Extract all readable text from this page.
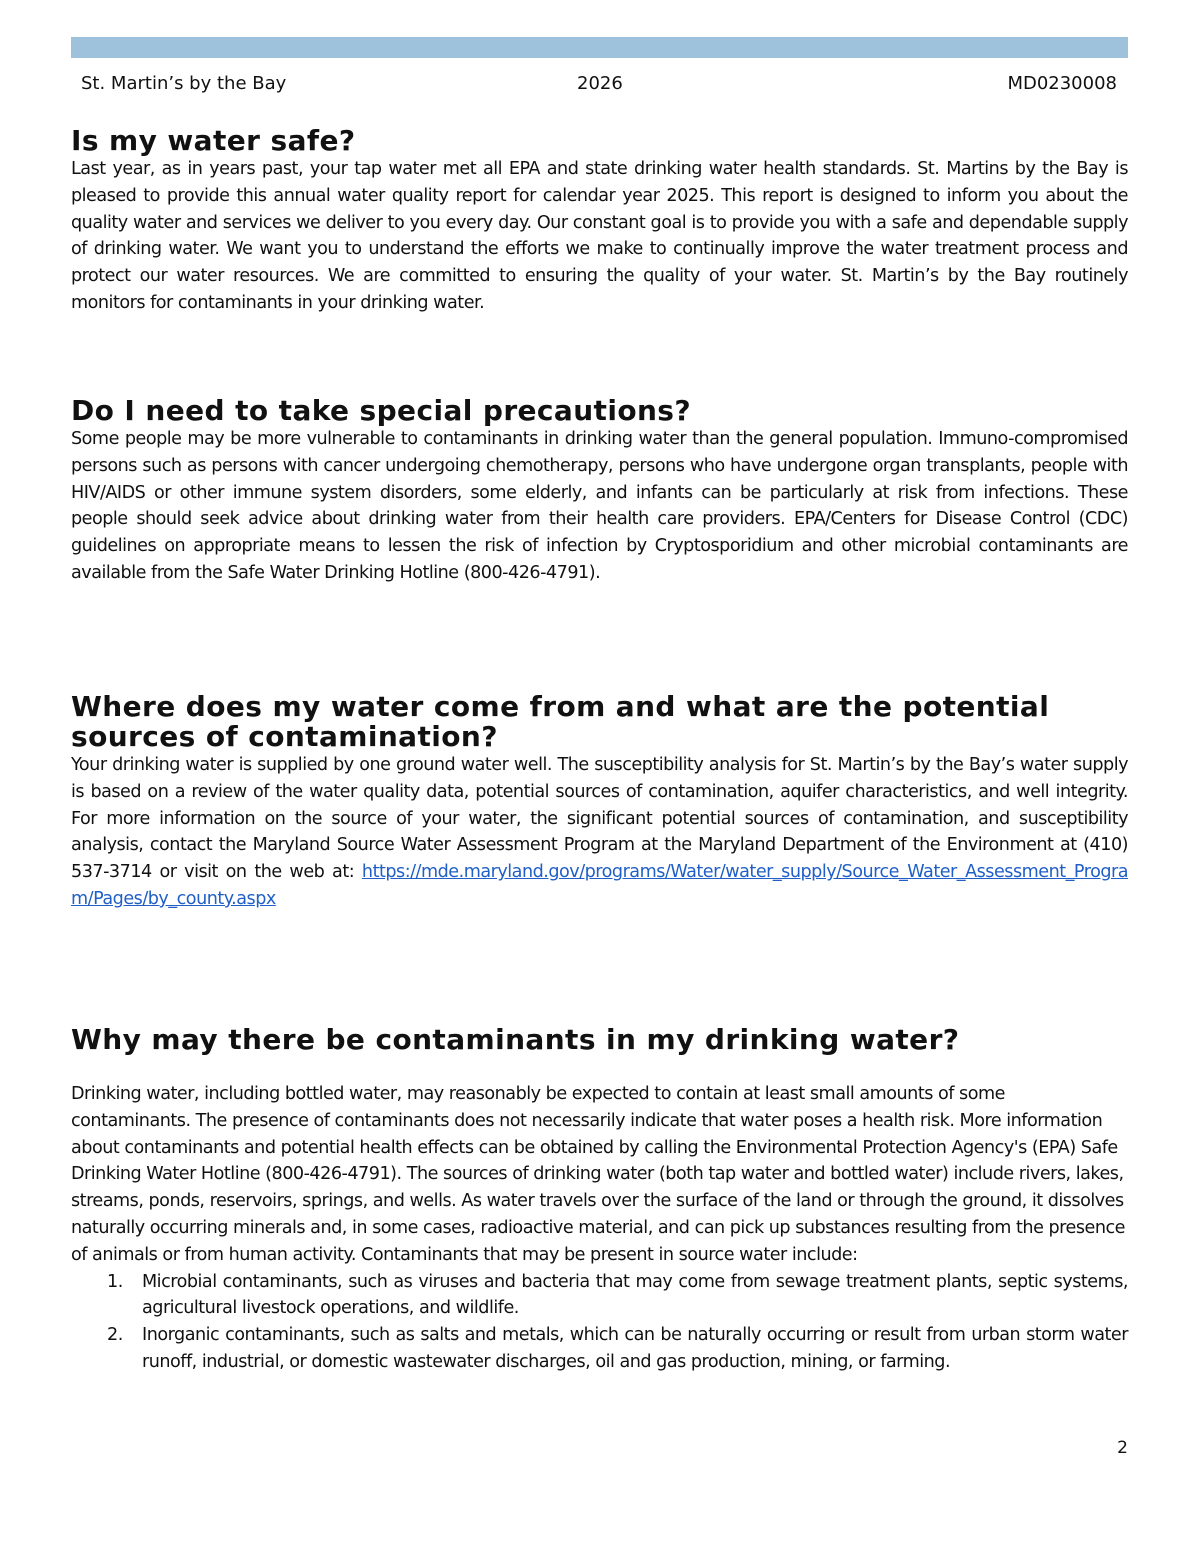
St. Martin’s by the Bay	2026	MD0230008
Is my water safe?

Last year, as in years past, your tap water met all EPA and state drinking water health standards. St. Martins by the Bay is pleased to provide this annual water quality report for calendar year 2025. This report is designed to inform you about the quality water and services we deliver to you every day. Our constant goal is to provide you with a safe and dependable supply of drinking water. We want you to understand the efforts we make to continually improve the water treatment process and protect our water resources. We are committed to ensuring the quality of your water. St. Martin’s by the Bay routinely monitors for contaminants in your drinking water.

Do I need to take special precautions?

Some people may be more vulnerable to contaminants in drinking water than the general population. Immuno-compromised persons such as persons with cancer undergoing chemotherapy, persons who have undergone organ transplants, people with HIV/AIDS or other immune system disorders, some elderly, and infants can be particularly at risk from infections. These people should seek advice about drinking water from their health care providers. EPA/Centers for Disease Control (CDC) guidelines on appropriate means to lessen the risk of infection by Cryptosporidium and other microbial contaminants are available from the Safe Water Drinking Hotline (800-426-4791).

Where does my water come from and what are the potential sources of contamination?

Your drinking water is supplied by one ground water well. The susceptibility analysis for St. Martin’s by the Bay’s water supply is based on a review of the water quality data, potential sources of contamination, aquifer characteristics, and well integrity. For more information on the source of your water, the significant potential sources of contamination, and susceptibility analysis, contact the Maryland Source Water Assessment Program at the Maryland Department of the Environment at (410) 537-3714 or visit on the web at: https://mde.maryland.gov/programs/Water/water_supply/Source_Water_Assessment_Program/Pages/by_county.aspx

Why may there be contaminants in my drinking water?

Drinking water, including bottled water, may reasonably be expected to contain at least small amounts of some contaminants. The presence of contaminants does not necessarily indicate that water poses a health risk. More information about contaminants and potential health effects can be obtained by calling the Environmental Protection Agency's (EPA) Safe Drinking Water Hotline (800-426-4791). The sources of drinking water (both tap water and bottled water) include rivers, lakes, streams, ponds, reservoirs, springs, and wells. As water travels over the surface of the land or through the ground, it dissolves naturally occurring minerals and, in some cases, radioactive material, and can pick up substances resulting from the presence of animals or from human activity. Contaminants that may be present in source water include:

1. Microbial contaminants, such as viruses and bacteria that may come from sewage treatment plants, septic systems, agricultural livestock operations, and wildlife.
2. Inorganic contaminants, such as salts and metals, which can be naturally occurring or result from urban storm water runoff, industrial, or domestic wastewater discharges, oil and gas production, mining, or farming.
2
